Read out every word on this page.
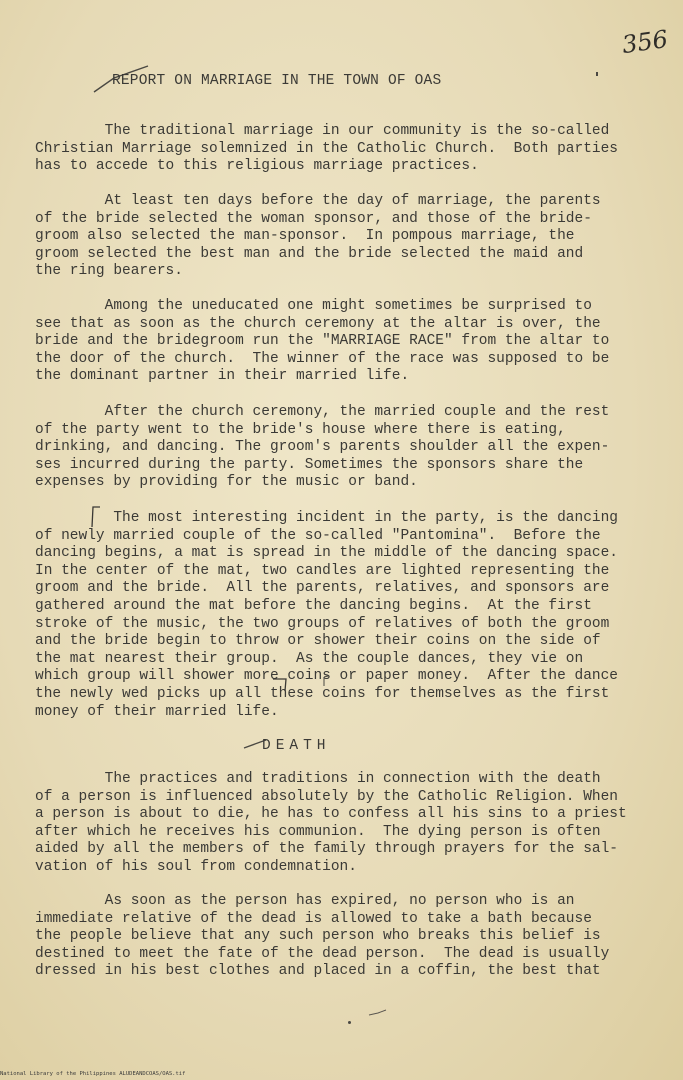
356
REPORT ON MARRIAGE IN THE TOWN OF OAS

The traditional marriage in our community is the so-called
Christian Marriage solemnized in the Catholic Church.  Both parties
has to accede to this religious marriage practices.

At least ten days before the day of marriage, the parents
of the bride selected the woman sponsor, and those of the bride-
groom also selected the man-sponsor.  In pompous marriage, the
groom selected the best man and the bride selected the maid and
the ring bearers.

Among the uneducated one might sometimes be surprised to
see that as soon as the church ceremony at the altar is over, the
bride and the bridegroom run the "MARRIAGE RACE" from the altar to
the door of the church.  The winner of the race was supposed to be
the dominant partner in their married life.

After the church ceremony, the married couple and the rest
of the party went to the bride's house where there is eating,
drinking, and dancing. The groom's parents shoulder all the expen-
ses incurred during the party. Sometimes the sponsors share the
expenses by providing for the music or band.

The most interesting incident in the party, is the dancing
of newly married couple of the so-called "Pantomina".  Before the
dancing begins, a mat is spread in the middle of the dancing space.
In the center of the mat, two candles are lighted representing the
groom and the bride.  All the parents, relatives, and sponsors are
gathered around the mat before the dancing begins.  At the first
stroke of the music, the two groups of relatives of both the groom
and the bride begin to throw or shower their coins on the side of
the mat nearest their group.  As the couple dances, they vie on
which group will shower more coins or paper money.  After the dance
the newly wed picks up all these coins for themselves as the first
money of their married life.

DEATH

The practices and traditions in connection with the death
of a person is influenced absolutely by the Catholic Religion. When
a person is about to die, he has to confess all his sins to a priest
after which he receives his communion.  The dying person is often
aided by all the members of the family through prayers for the sal-
vation of his soul from condemnation.

As soon as the person has expired, no person who is an
immediate relative of the dead is allowed to take a bath because
the people believe that any such person who breaks this belief is
destined to meet the fate of the dead person.  The dead is usually
dressed in his best clothes and placed in a coffin, the best that

National Library of the Philippines ALUDEANDCOAS/OAS.tif
